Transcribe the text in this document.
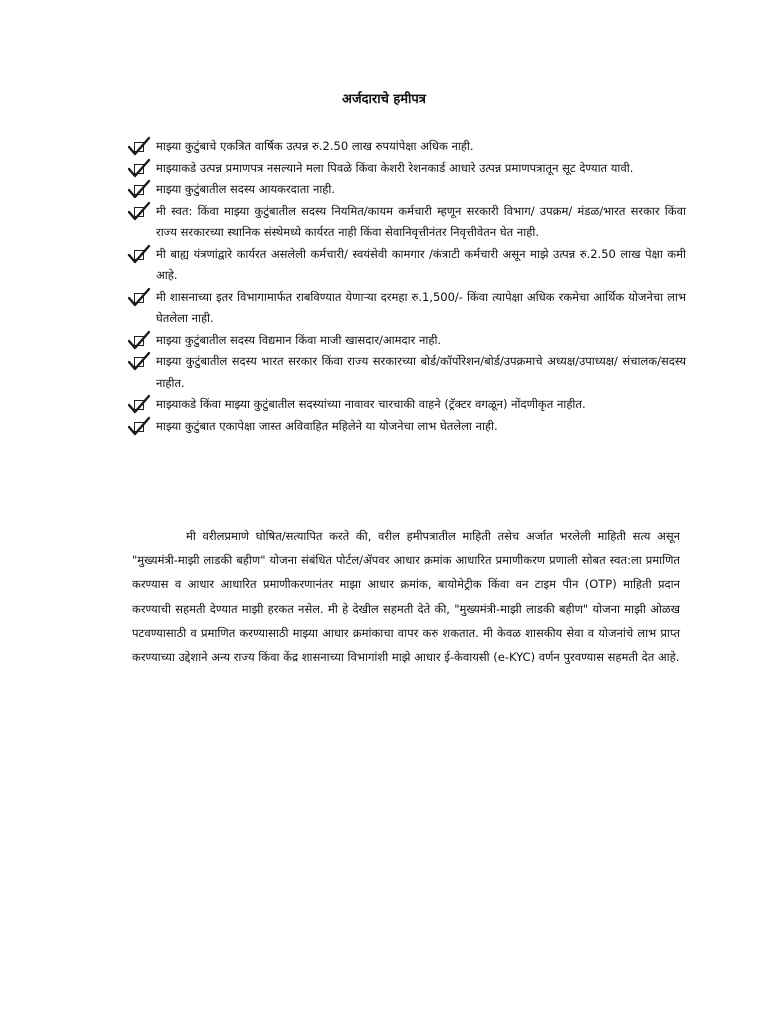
अर्जदाराचे हमीपत्र
माझ्या कुटुंबाचे एकत्रित वार्षिक उत्पन्न रु.2.50 लाख रुपयांपेक्षा अधिक नाही.
माझ्याकडे उत्पन्न प्रमाणपत्र नसल्याने मला पिवळे किंवा केशरी रेशनकार्ड आधारे उत्पन्न प्रमाणपत्रातून सूट देण्यात यावी.
माझ्या कुटुंबातील सदस्य आयकरदाता नाही.
मी स्वत: किंवा माझ्या कुटुंबातील सदस्य नियमित/कायम कर्मचारी म्हणून सरकारी विभाग/ उपक्रम/ मंडळ/भारत सरकार किंवा राज्य सरकारच्या स्थानिक संस्थेमध्ये कार्यरत नाही किंवा सेवानिवृत्तीनंतर निवृत्तीवेतन घेत नाही.
मी बाह्य यंत्रणांद्वारे कार्यरत असलेली कर्मचारी/ स्वयंसेवी कामगार /कंत्राटी कर्मचारी असून माझे उत्पन्न रु.2.50 लाख पेक्षा कमी आहे.
मी शासनाच्या इतर विभागामार्फत राबविण्यात येणाऱ्या दरमहा रु.1,500/- किंवा त्यापेक्षा अधिक रकमेचा आर्थिक योजनेचा लाभ घेतलेला नाही.
माझ्या कुटुंबातील सदस्य विद्यमान किंवा माजी खासदार/आमदार नाही.
माझ्या कुटुंबातील सदस्य भारत सरकार किंवा राज्य सरकारच्या बोर्ड/कॉर्पोरेशन/बोर्ड/उपक्रमाचे अध्यक्ष/उपाध्यक्ष/ संचालक/सदस्य नाहीत.
माझ्याकडे किंवा माझ्या कुटुंबातील सदस्यांच्या नावावर चारचाकी वाहने (ट्रॅक्टर वगळून) नोंदणीकृत नाहीत.
माझ्या कुटुंबात एकापेक्षा जास्त अविवाहित महिलेने या योजनेचा लाभ घेतलेला नाही.
मी वरीलप्रमाणे घोषित/सत्यापित करते की, वरील हमीपत्रातील माहिती तसेच अर्जात भरलेली माहिती सत्य असून "मुख्यमंत्री-माझी लाडकी बहीण" योजना संबंधित पोर्टल/ॲपवर आधार क्रमांक आधारित प्रमाणीकरण प्रणाली सोबत स्वत:ला प्रमाणित करण्यास व आधार आधारित प्रमाणीकरणानंतर माझा आधार क्रमांक, बायोमेट्रीक किंवा वन टाइम पीन (OTP) माहिती प्रदान करण्याची सहमती देण्यात माझी हरकत नसेल. मी हे देखील सहमती देते की, "मुख्यमंत्री-माझी लाडकी बहीण" योजना माझी ओळख पटवण्यासाठी व प्रमाणित करण्यासाठी माझ्या आधार क्रमांकाचा वापर करु शकतात. मी केवळ शासकीय सेवा व योजनांचे लाभ प्राप्त करण्याच्या उद्देशाने अन्य राज्य किंवा केंद्र शासनाच्या विभागांशी माझे आधार ई-केवायसी (e-KYC) वर्णन पुरवण्यास सहमती देत आहे.
